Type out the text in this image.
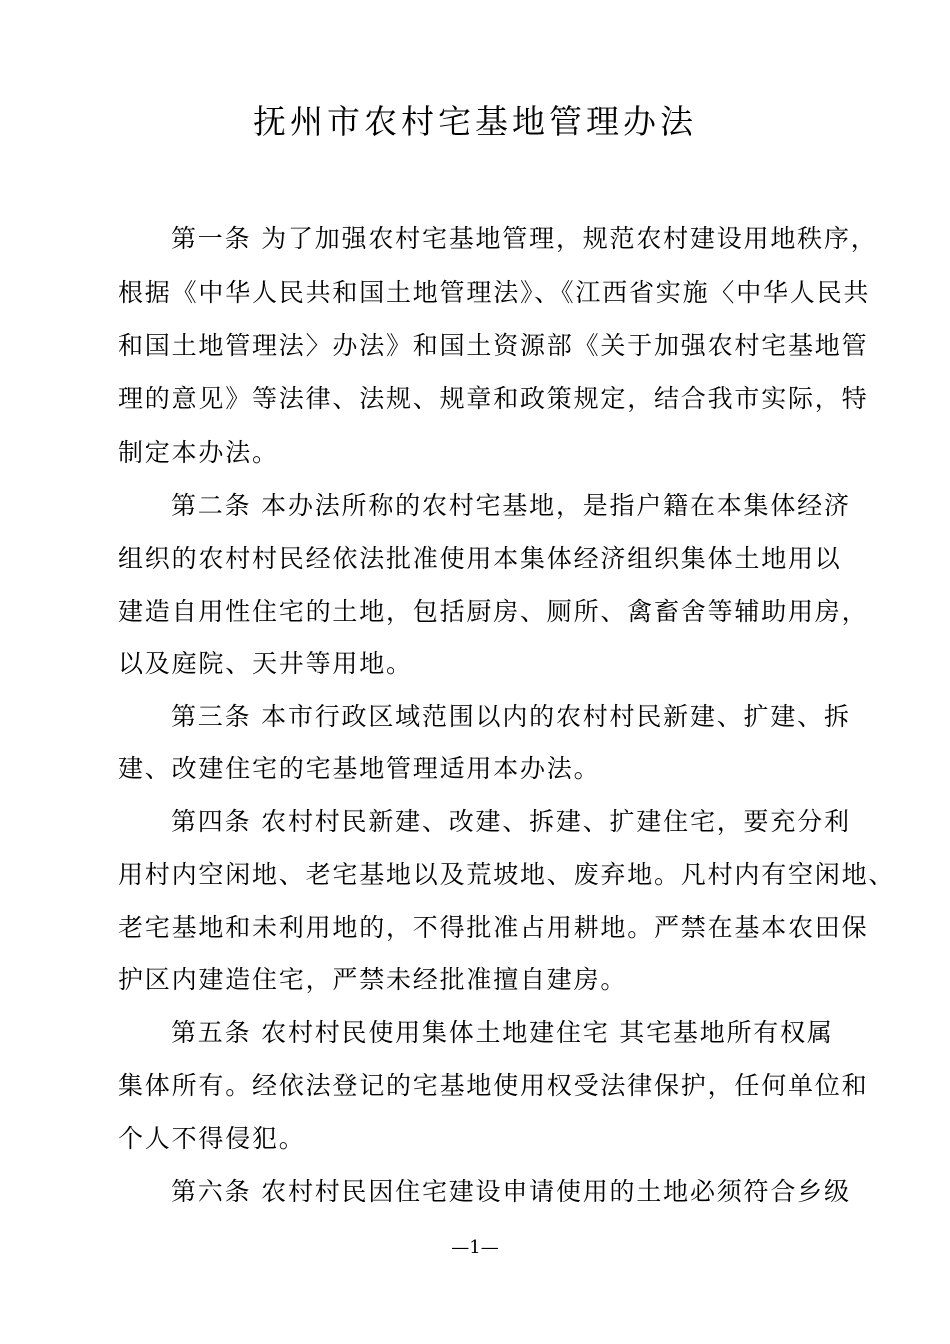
抚州市农村宅基地管理办法
第一条 为了加强农村宅基地管理，规范农村建设用地秩序，
根据《中华人民共和国土地管理法》、《江西省实施〈中华人民共
和国土地管理法〉办法》和国土资源部《关于加强农村宅基地管
理的意见》等法律、法规、规章和政策规定，结合我市实际，特
制定本办法。
第二条 本办法所称的农村宅基地，是指户籍在本集体经济
组织的农村村民经依法批准使用本集体经济组织集体土地用以
建造自用性住宅的土地，包括厨房、厕所、禽畜舍等辅助用房，
以及庭院、天井等用地。
第三条 本市行政区域范围以内的农村村民新建、扩建、拆
建、改建住宅的宅基地管理适用本办法。
第四条 农村村民新建、改建、拆建、扩建住宅，要充分利
用村内空闲地、老宅基地以及荒坡地、废弃地。凡村内有空闲地、
老宅基地和未利用地的，不得批准占用耕地。严禁在基本农田保
护区内建造住宅，严禁未经批准擅自建房。
第五条 农村村民使用集体土地建住宅 其宅基地所有权属
集体所有。经依法登记的宅基地使用权受法律保护，任何单位和
个人不得侵犯。
第六条 农村村民因住宅建设申请使用的土地必须符合乡级
—1—
